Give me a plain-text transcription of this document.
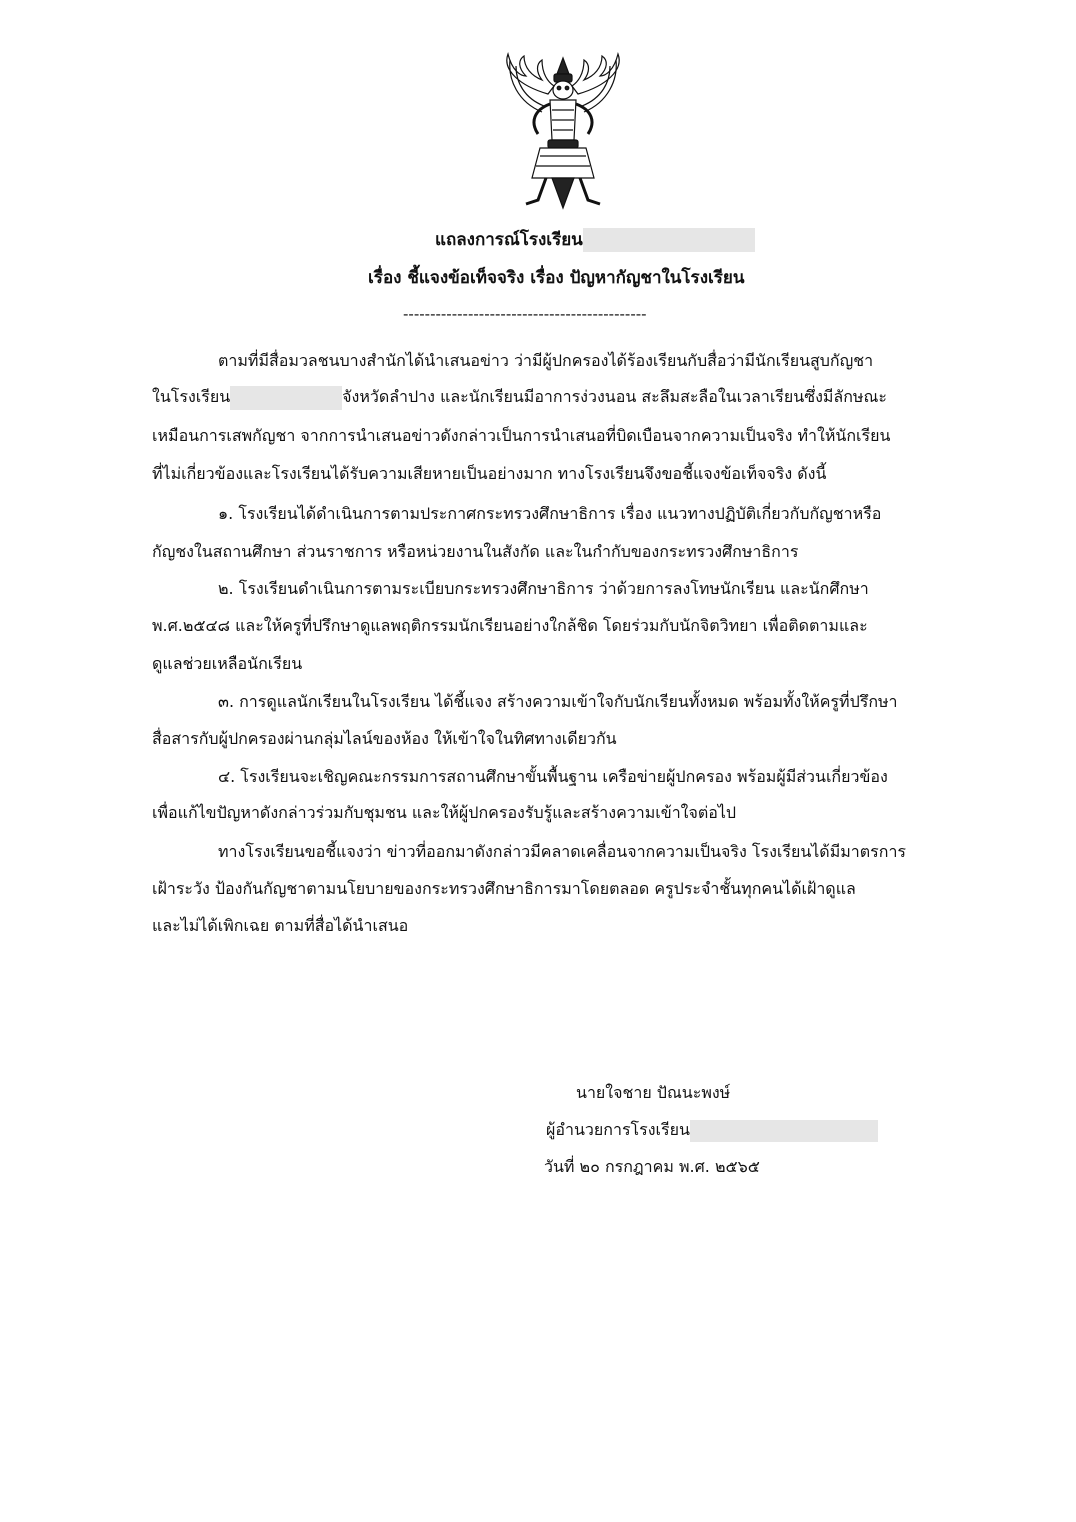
แถลงการณ์โรงเรียน
เรื่อง ชี้แจงข้อเท็จจริง เรื่อง ปัญหากัญชาในโรงเรียน
---------------------------------------------
ตามที่มีสื่อมวลชนบางสำนักได้นำเสนอข่าว ว่ามีผู้ปกครองได้ร้องเรียนกับสื่อว่ามีนักเรียนสูบกัญชา
ในโรงเรียน	จังหวัดลำปาง และนักเรียนมีอาการง่วงนอน สะลึมสะลือในเวลาเรียนซึ่งมีลักษณะ
เหมือนการเสพกัญชา จากการนำเสนอข่าวดังกล่าวเป็นการนำเสนอที่บิดเบือนจากความเป็นจริง ทำให้นักเรียน
ที่ไม่เกี่ยวข้องและโรงเรียนได้รับความเสียหายเป็นอย่างมาก ทางโรงเรียนจึงขอชี้แจงข้อเท็จจริง ดังนี้
๑. โรงเรียนได้ดำเนินการตามประกาศกระทรวงศึกษาธิการ เรื่อง แนวทางปฏิบัติเกี่ยวกับกัญชาหรือ
กัญชงในสถานศึกษา ส่วนราชการ หรือหน่วยงานในสังกัด และในกำกับของกระทรวงศึกษาธิการ
๒. โรงเรียนดำเนินการตามระเบียบกระทรวงศึกษาธิการ ว่าด้วยการลงโทษนักเรียน และนักศึกษา
พ.ศ.๒๕๔๘ และให้ครูที่ปรึกษาดูแลพฤติกรรมนักเรียนอย่างใกล้ชิด โดยร่วมกับนักจิตวิทยา เพื่อติดตามและ
ดูแลช่วยเหลือนักเรียน
๓. การดูแลนักเรียนในโรงเรียน ได้ชี้แจง สร้างความเข้าใจกับนักเรียนทั้งหมด พร้อมทั้งให้ครูที่ปรึกษา
สื่อสารกับผู้ปกครองผ่านกลุ่มไลน์ของห้อง ให้เข้าใจในทิศทางเดียวกัน
๔. โรงเรียนจะเชิญคณะกรรมการสถานศึกษาขั้นพื้นฐาน เครือข่ายผู้ปกครอง พร้อมผู้มีส่วนเกี่ยวข้อง
เพื่อแก้ไขปัญหาดังกล่าวร่วมกับชุมชน และให้ผู้ปกครองรับรู้และสร้างความเข้าใจต่อไป
ทางโรงเรียนขอชี้แจงว่า ข่าวที่ออกมาดังกล่าวมีคลาดเคลื่อนจากความเป็นจริง โรงเรียนได้มีมาตรการ
เฝ้าระวัง ป้องกันกัญชาตามนโยบายของกระทรวงศึกษาธิการมาโดยตลอด ครูประจำชั้นทุกคนได้เฝ้าดูแล
และไม่ได้เพิกเฉย ตามที่สื่อได้นำเสนอ
นายใจชาย ปัณนะพงษ์
ผู้อำนวยการโรงเรียน
วันที่ ๒๐ กรกฎาคม พ.ศ. ๒๕๖๕
